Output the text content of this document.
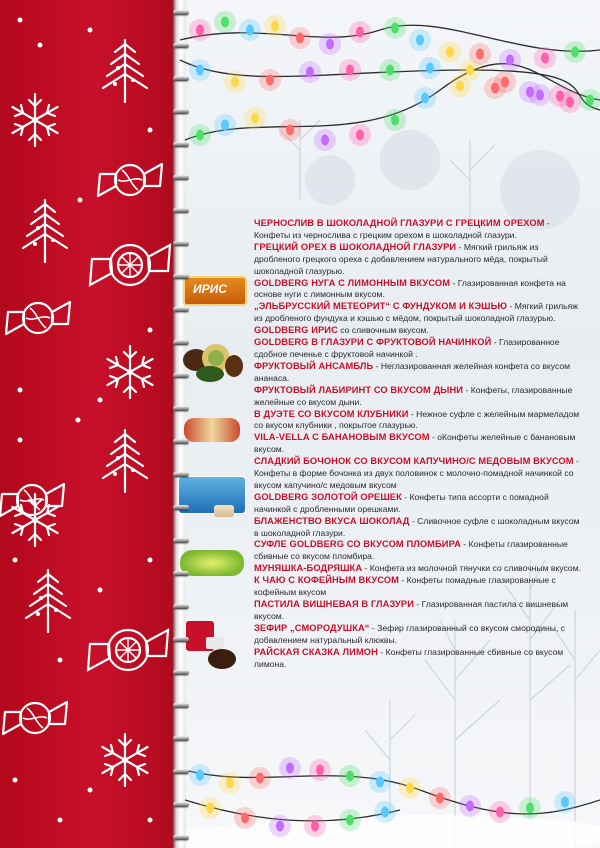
ИРИС
ЧЕРНОСЛИВ В ШОКОЛАДНОЙ ГЛАЗУРИ С ГРЕЦКИМ ОРЕХОМ - Конфеты из чернослива с грецким орехом в шоколадной глазури.
ГРЕЦКИЙ ОРЕХ В ШОКОЛАДНОЙ ГЛАЗУРИ - Мягкий грильяж из дробленого грецкого ореха с добавлением натурального мёда, покрытый шоколадной глазурью.
GOLDBERG НУГА С ЛИМОННЫМ ВКУСОМ - Глазированная конфета на основе нуги с лимонным вкусом.
„ЭЛЬБРУССКИЙ МЕТЕОРИТ“ С ФУНДУКОМ И КЭШЬЮ - Мягкий грильяж из дробленого фундука и кэшью с мёдом, покрытый шоколадной глазурью.
GOLDBERG ИРИС со сливочным вкусом.
GOLDBERG В ГЛАЗУРИ С ФРУКТОВОЙ НАЧИНКОЙ - Глазированное сдобное печенье с фруктовой начинкой .
ФРУКТОВЫЙ АНСАМБЛЬ - Неглазированная желейная конфета со вкусом ананаса.
ФРУКТОВЫЙ ЛАБИРИНТ СО ВКУСОМ ДЫНИ - Конфеты, глазированные желейные со вкусом дыни.
В ДУЭТЕ СО ВКУСОМ КЛУБНИКИ - Нежное суфле с желейным мармеладом со вкусом клубники , покрытое глазурью.
VILA-VELLA С БАНАНОВЫМ ВКУСОМ - оКонфеты желейные с банановым вкусом.
СЛАДКИЙ БОЧОНОК СО ВКУСОМ КАПУЧИНО/С МЕДОВЫМ ВКУСОМ - Конфеты в форме бочонка из двух половинок с молочно-помадной начинкой со вкусом капучино/с медовым вкусом
GOLDBERG ЗОЛОТОЙ ОРЕШЕК - Конфеты типа ассорти с помадной начинкой с дробленными орешками.
БЛАЖЕНСТВО ВКУСА ШОКОЛАД - Сливочное суфле с шоколадным вкусом в шоколадной глазури.
СУФЛЕ GOLDBERG СО ВКУСОМ ПЛОМБИРА - Конфеты глазированные сбивные со вкусом пломбира.
МУНЯШКА-БОДРЯШКА - Конфета из молочной тянучки со сливочным вкусом.
К ЧАЮ С КОФЕЙНЫМ ВКУСОМ - Конфеты помадные глазированные с кофейным вкусом
ПАСТИЛА ВИШНЕВАЯ В ГЛАЗУРИ - Глазированная пастила с вишневым вкусом.
ЗЕФИР „СМОРОДУШКА“ - Зефир глазированный со вкусом смородины, с добавлением натуральный клюквы.
РАЙСКАЯ СКАЗКА ЛИМОН - Конфеты глазированные сбивные со вкусом лимона.
